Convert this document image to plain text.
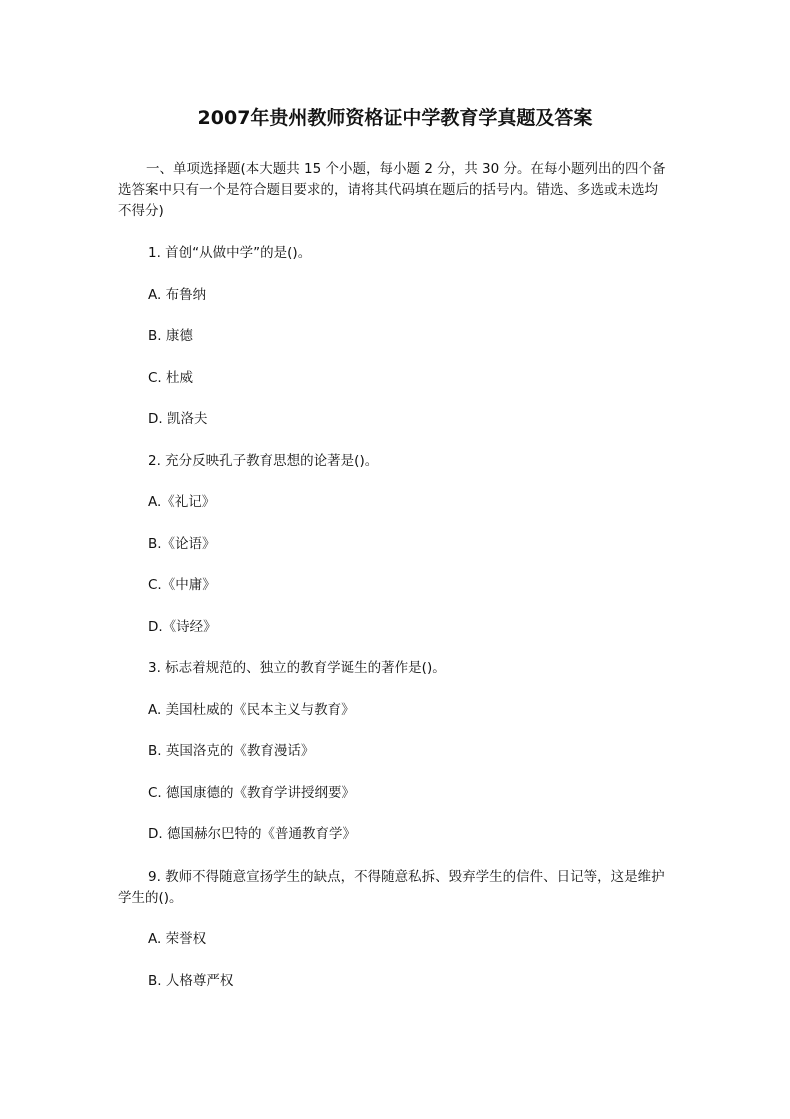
2007年贵州教师资格证中学教育学真题及答案

一、单项选择题(本大题共 15 个小题，每小题 2 分，共 30 分。在每小题列出的四个备选答案中只有一个是符合题目要求的，请将其代码填在题后的括号内。错选、多选或未选均不得分)

1. 首创“从做中学”的是()。

A. 布鲁纳

B. 康德

C. 杜威

D. 凯洛夫

2. 充分反映孔子教育思想的论著是()。

A.《礼记》

B.《论语》

C.《中庸》

D.《诗经》

3. 标志着规范的、独立的教育学诞生的著作是()。

A. 美国杜威的《民本主义与教育》

B. 英国洛克的《教育漫话》

C. 德国康德的《教育学讲授纲要》

D. 德国赫尔巴特的《普通教育学》

9. 教师不得随意宣扬学生的缺点，不得随意私拆、毁弃学生的信件、日记等，这是维护学生的()。

A. 荣誉权

B. 人格尊严权
